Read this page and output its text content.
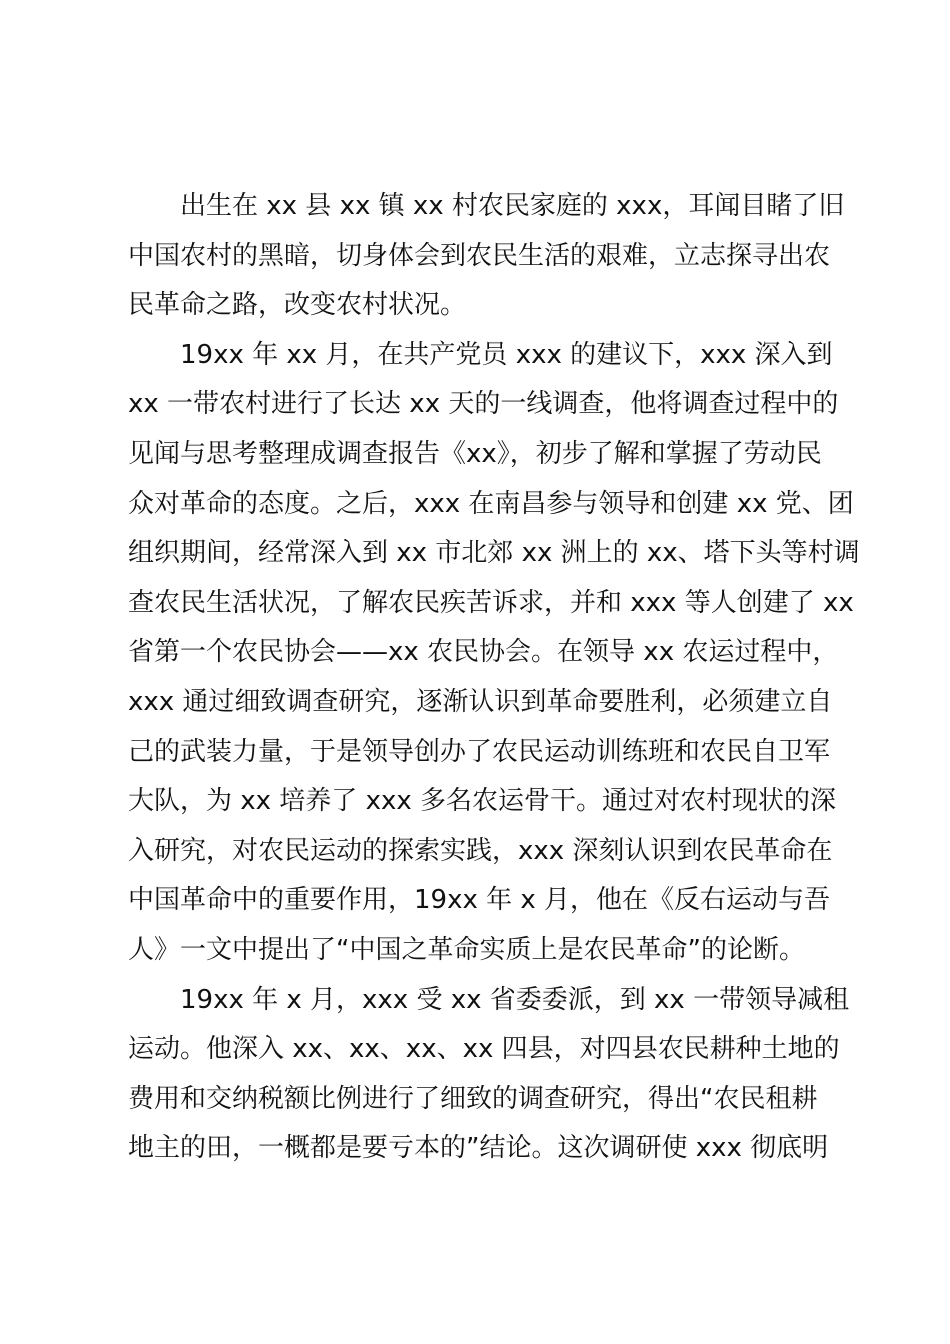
出生在 xx 县 xx 镇 xx 村农民家庭的 xxx，耳闻目睹了旧
中国农村的黑暗，切身体会到农民生活的艰难，立志探寻出农
民革命之路，改变农村状况。
19xx 年 xx 月，在共产党员 xxx 的建议下，xxx 深入到
xx 一带农村进行了长达 xx 天的一线调查，他将调查过程中的
见闻与思考整理成调查报告《xx》，初步了解和掌握了劳动民
众对革命的态度。之后，xxx 在南昌参与领导和创建 xx 党、团
组织期间，经常深入到 xx 市北郊 xx 洲上的 xx、塔下头等村调
查农民生活状况，了解农民疾苦诉求，并和 xxx 等人创建了 xx
省第一个农民协会——xx 农民协会。在领导 xx 农运过程中，
xxx 通过细致调查研究，逐渐认识到革命要胜利，必须建立自
己的武装力量，于是领导创办了农民运动训练班和农民自卫军
大队，为 xx 培养了 xxx 多名农运骨干。通过对农村现状的深
入研究，对农民运动的探索实践，xxx 深刻认识到农民革命在
中国革命中的重要作用，19xx 年 x 月，他在《反右运动与吾
人》一文中提出了“中国之革命实质上是农民革命”的论断。
19xx 年 x 月，xxx 受 xx 省委委派，到 xx 一带领导减租
运动。他深入 xx、xx、xx、xx 四县，对四县农民耕种土地的
费用和交纳税额比例进行了细致的调查研究，得出“农民租耕
地主的田，一概都是要亏本的”结论。这次调研使 xxx 彻底明
